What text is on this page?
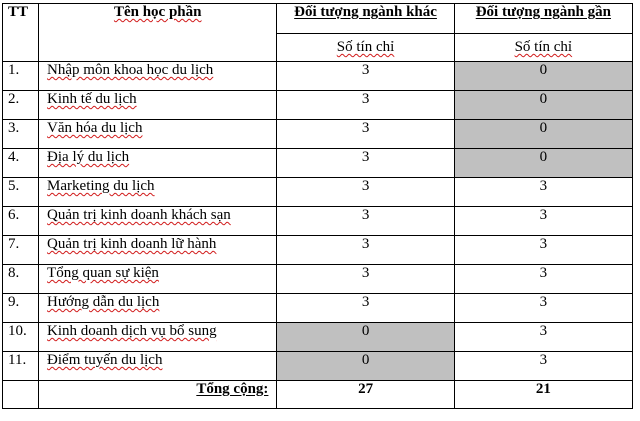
TT	Tên học phần	Đối tượng ngành khác	Đối tượng ngành gần
		Số tín chỉ	Số tín chỉ
1.	Nhập môn khoa học du lịch	3	0
2.	Kinh tế du lịch	3	0
3.	Văn hóa du lịch	3	0
4.	Địa lý du lịch	3	0
5.	Marketing du lịch	3	3
6.	Quản trị kinh doanh khách sạn	3	3
7.	Quản trị kinh doanh lữ hành	3	3
8.	Tổng quan sự kiện	3	3
9.	Hướng dẫn du lịch	3	3
10.	Kinh doanh dịch vụ bổ sung	0	3
11.	Điểm tuyến du lịch	0	3
	Tổng cộng:	27	21
